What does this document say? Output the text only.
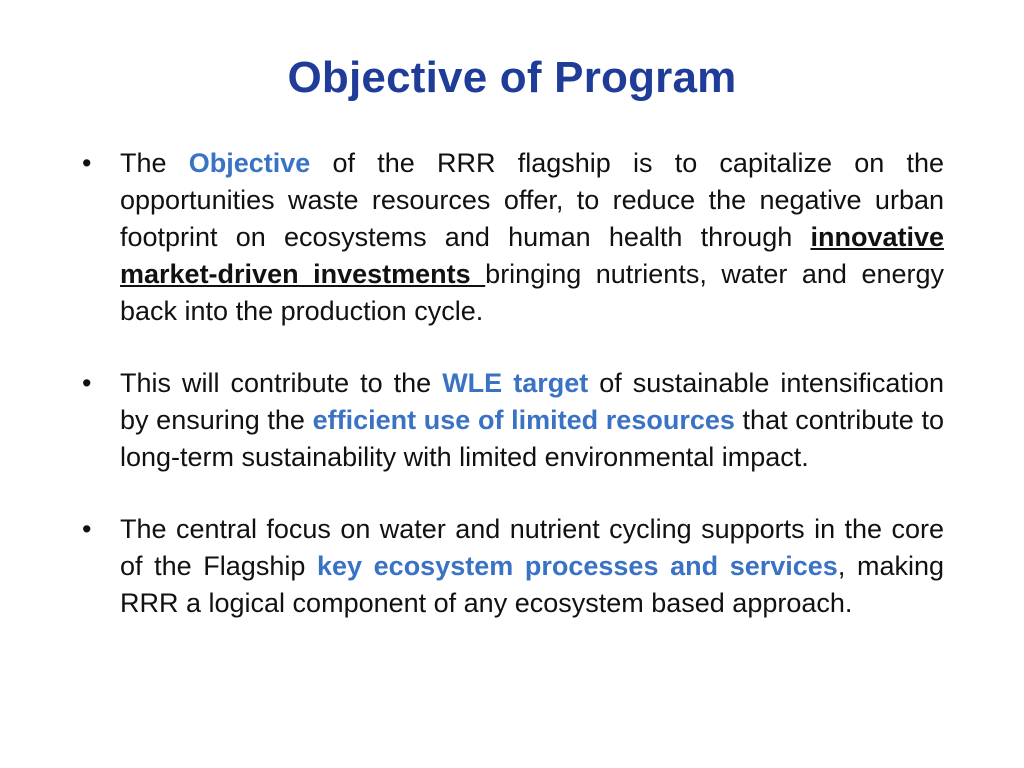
Objective of Program
• The Objective of the RRR flagship is to capitalize on the opportunities waste resources offer, to reduce the negative urban footprint on ecosystems and human health through innovative market-driven investments bringing nutrients, water and energy back into the production cycle.
• This will contribute to the WLE target of sustainable intensification by ensuring the efficient use of limited resources that contribute to long-term sustainability with limited environmental impact.
• The central focus on water and nutrient cycling supports in the core of the Flagship key ecosystem processes and services, making RRR a logical component of any ecosystem based approach.
